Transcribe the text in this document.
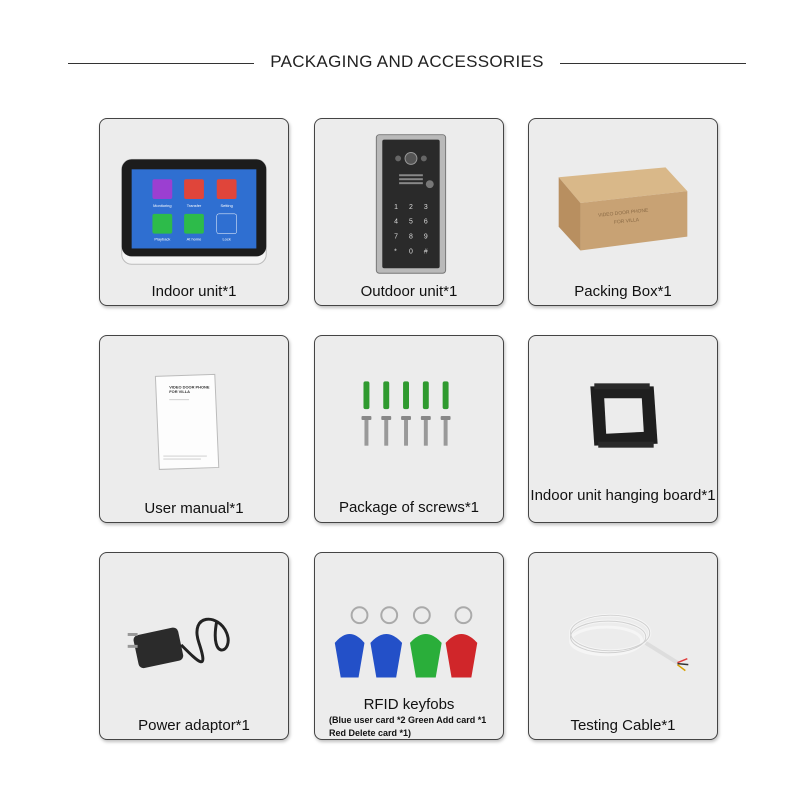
PACKAGING AND ACCESSORIES
Monitoring	Transfer	Setting
Playback	At home	Lock
Indoor unit*1
1 2 3
4 5 6
7 8 9
* 0 #
Outdoor unit*1
VIDEO DOOR PHONE
FOR VILLA
Packing Box*1
VIDEO DOOR PHONE
FOR VILLA
User manual*1	Package of screws*1
Indoor unit hanging board*1
Power adaptor*1
RFID keyfobs
(Blue user card *2 Green Add card *1
Red Delete card *1)	Testing Cable*1
